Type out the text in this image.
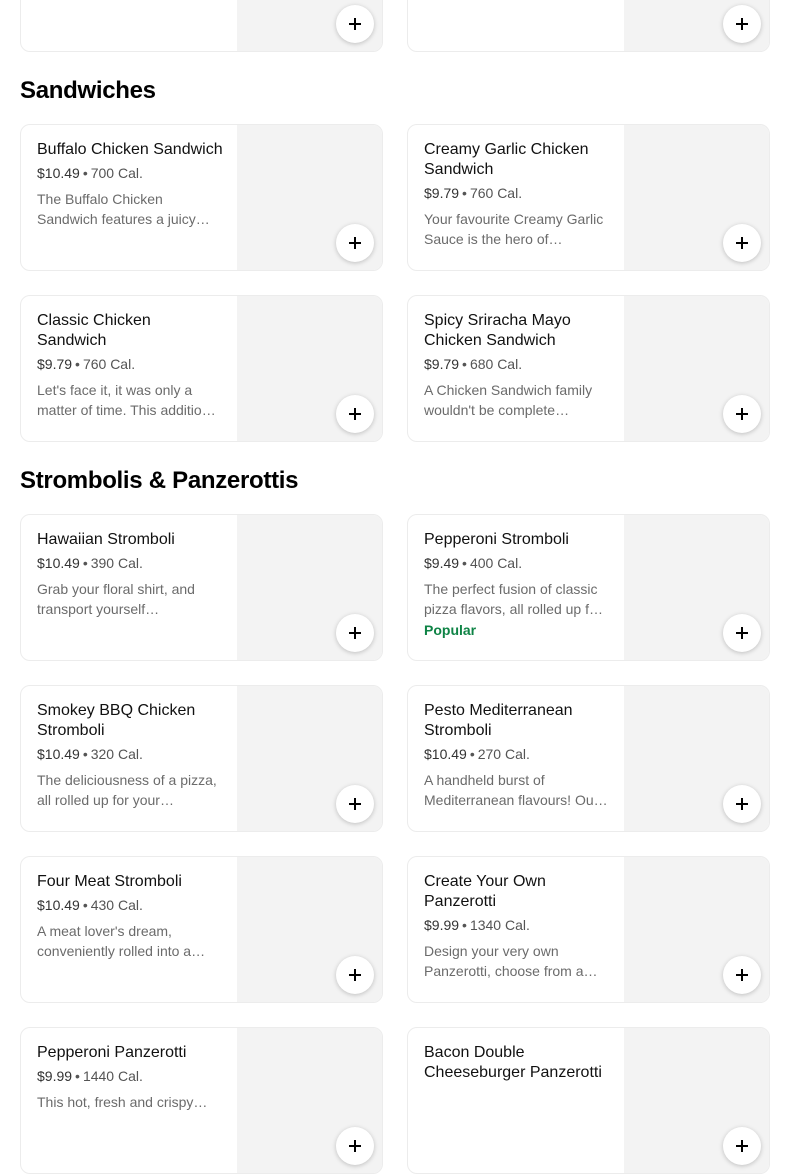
Sandwiches
Strombolis & Panzerottis
Buffalo Chicken Sandwich
$10.49 • 700 Cal.
The Buffalo Chicken Sandwich features a juicy…
Creamy Garlic Chicken Sandwich
$9.79 • 760 Cal.
Your favourite Creamy Garlic Sauce is the hero of…
Classic Chicken Sandwich
$9.79 • 760 Cal.
Let's face it, it was only a matter of time. This additio…
Spicy Sriracha Mayo Chicken Sandwich
$9.79 • 680 Cal.
A Chicken Sandwich family wouldn't be complete…
Hawaiian Stromboli
$10.49 • 390 Cal.
Grab your floral shirt, and transport yourself…
Pepperoni Stromboli
$9.49 • 400 Cal.
The perfect fusion of classic pizza flavors, all rolled up f…
Popular
Smokey BBQ Chicken Stromboli
$10.49 • 320 Cal.
The deliciousness of a pizza, all rolled up for your…
Pesto Mediterranean Stromboli
$10.49 • 270 Cal.
A handheld burst of Mediterranean flavours! Ou…
Four Meat Stromboli
$10.49 • 430 Cal.
A meat lover's dream, conveniently rolled into a…
Create Your Own Panzerotti
$9.99 • 1340 Cal.
Design your very own Panzerotti, choose from a…
Pepperoni Panzerotti
$9.99 • 1440 Cal.
This hot, fresh and crispy…
Bacon Double Cheeseburger Panzerotti
